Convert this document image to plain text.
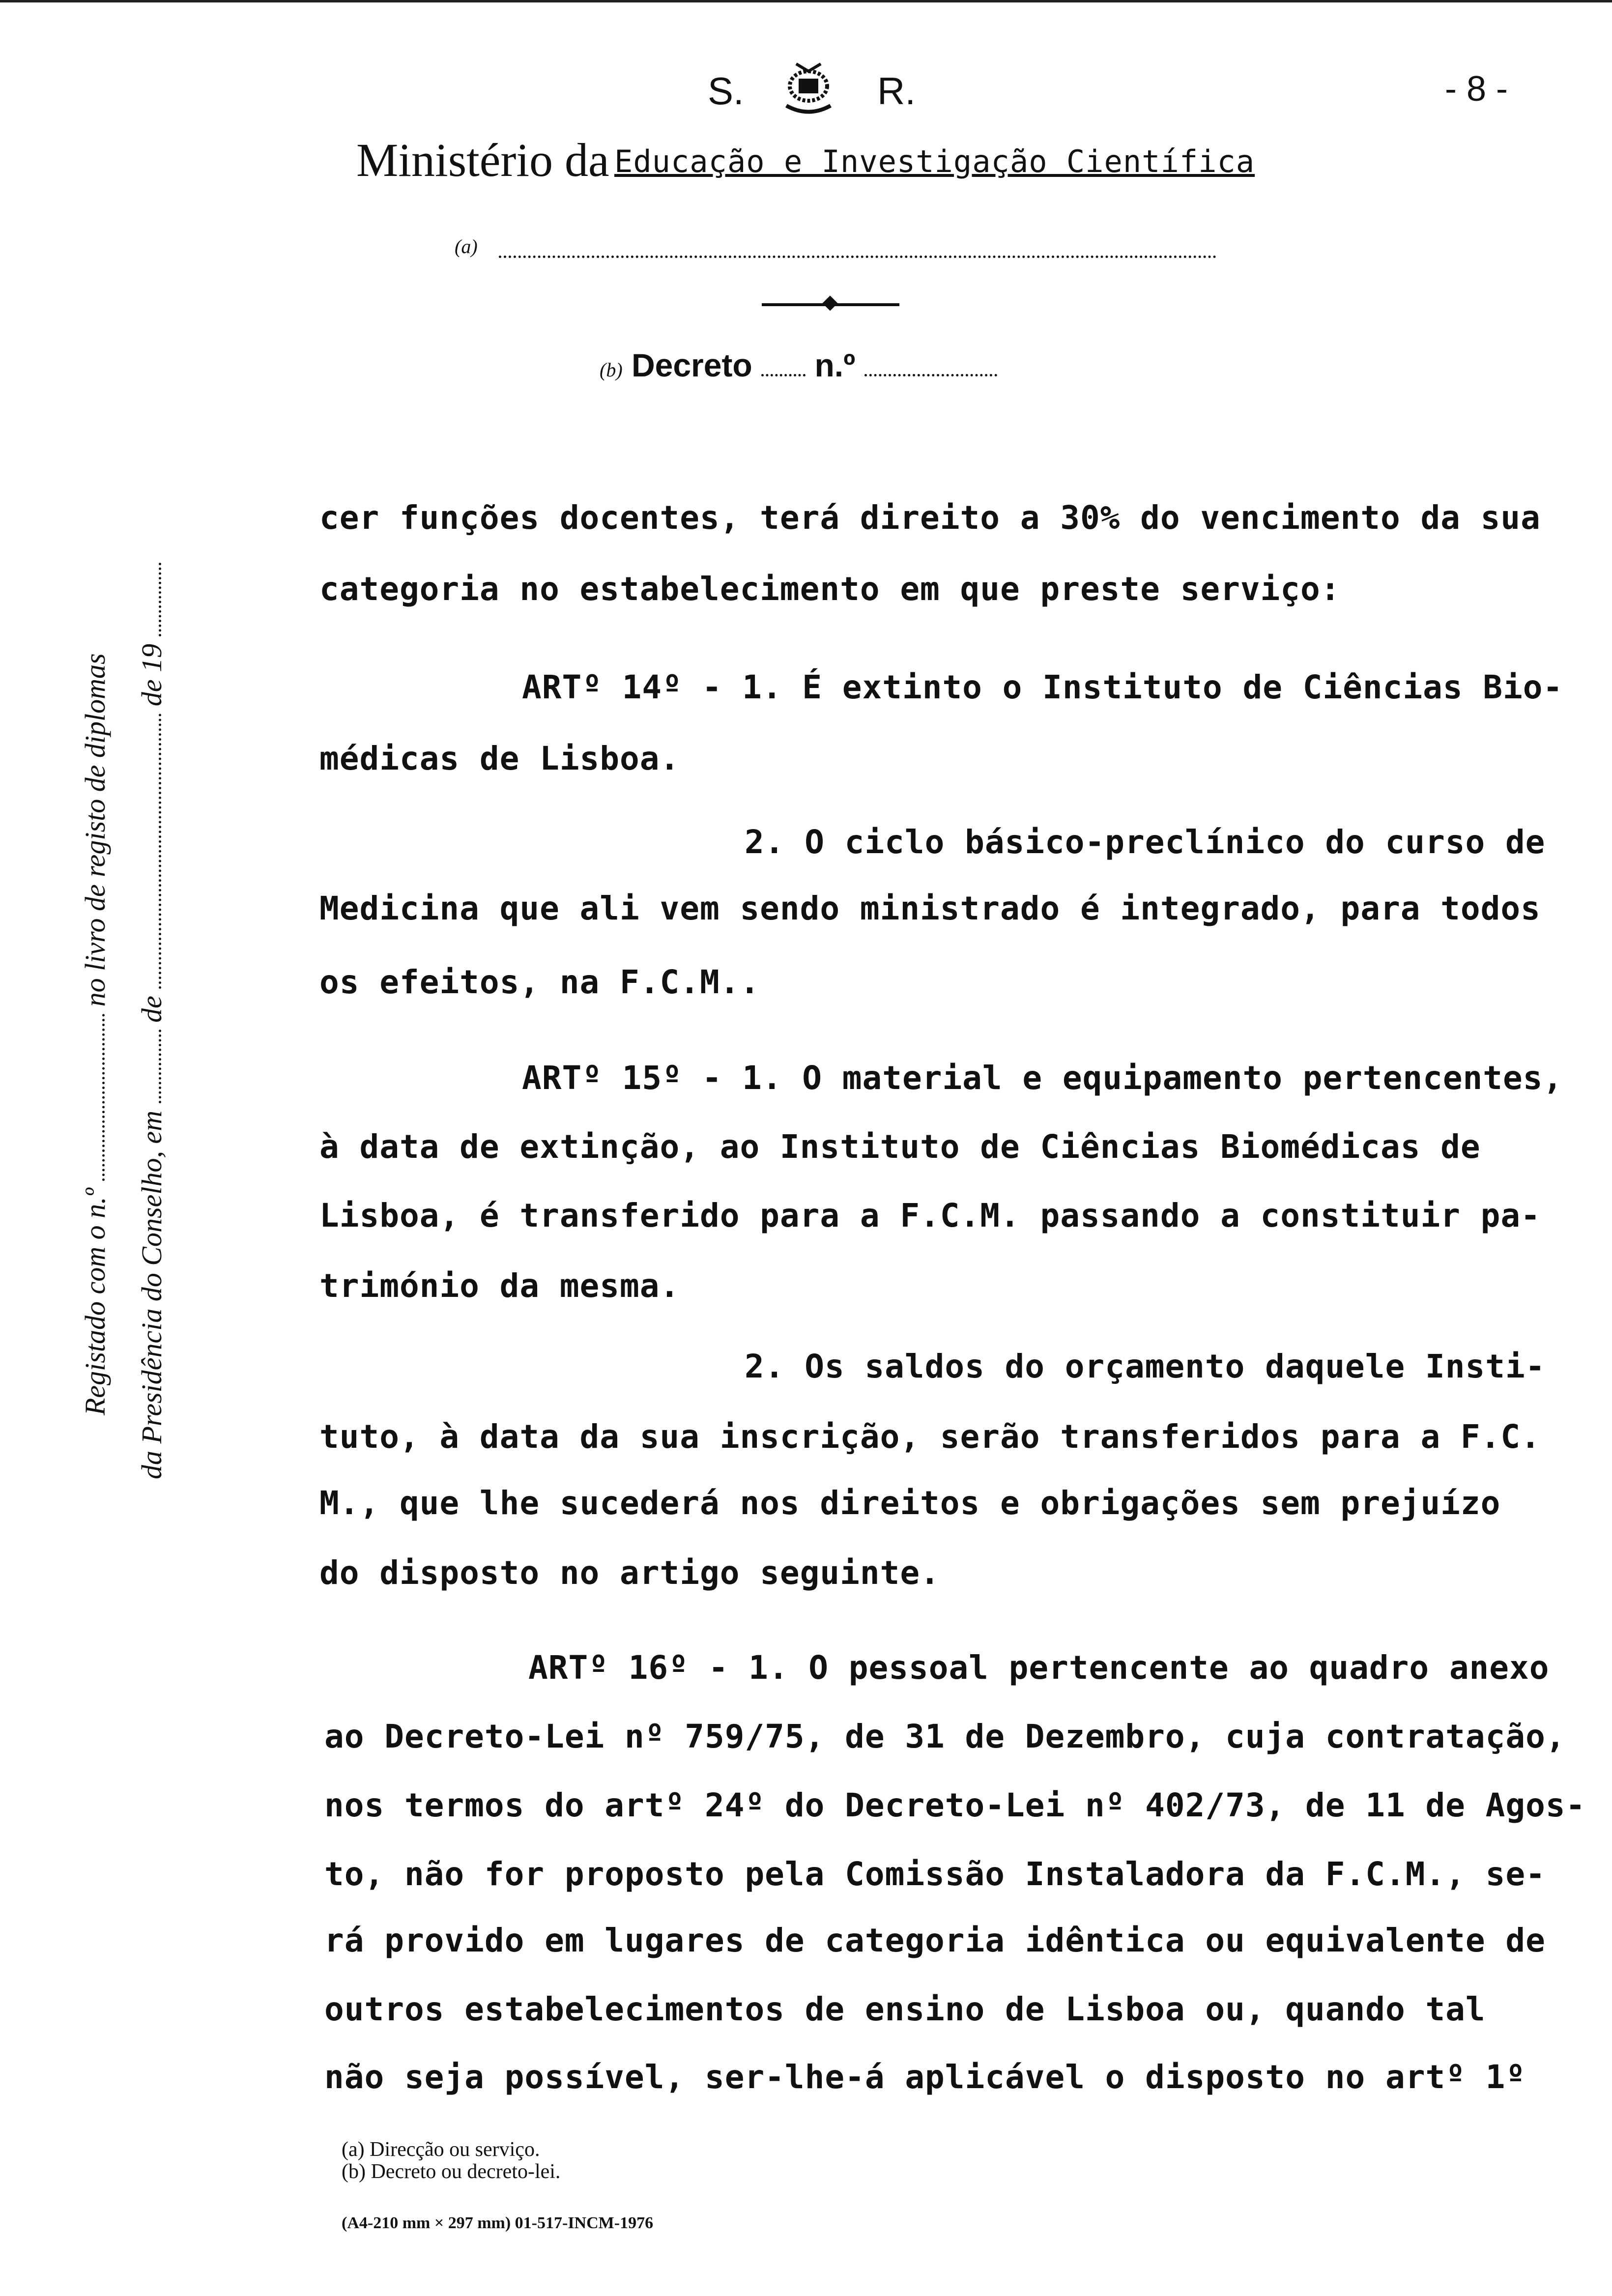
S.	R.	- 8 -
Ministério da Educação e Investigação Científica
(a)
(b) Decreto n.º
Registado com o n.º  no livro de registo de diplomas
da Presidência do Conselho, em  de  de 19
cer funções docentes, terá direito a 30% do vencimento da sua
categoria no estabelecimento em que preste serviço:
ARTº 14º - 1. É extinto o Instituto de Ciências Bio-
médicas de Lisboa.
2. O ciclo básico-preclínico do curso de
Medicina que ali vem sendo ministrado é integrado, para todos
os efeitos, na F.C.M..
ARTº 15º - 1. O material e equipamento pertencentes,
à data de extinção, ao Instituto de Ciências Biomédicas de
Lisboa, é transferido para a F.C.M. passando a constituir pa-
trimónio da mesma.
2. Os saldos do orçamento daquele Insti-
tuto, à data da sua inscrição, serão transferidos para a F.C.
M., que lhe sucederá nos direitos e obrigações sem prejuízo
do disposto no artigo seguinte.
ARTº 16º - 1. O pessoal pertencente ao quadro anexo
ao Decreto-Lei nº 759/75, de 31 de Dezembro, cuja contratação,
nos termos do artº 24º do Decreto-Lei nº 402/73, de 11 de Agos-
to, não for proposto pela Comissão Instaladora da F.C.M., se-
rá provido em lugares de categoria idêntica ou equivalente de
outros estabelecimentos de ensino de Lisboa ou, quando tal
não seja possível, ser-lhe-á aplicável o disposto no artº 1º
(a) Direcção ou serviço.
(b) Decreto ou decreto-lei.
(A4-210 mm × 297 mm) 01-517-INCM-1976
